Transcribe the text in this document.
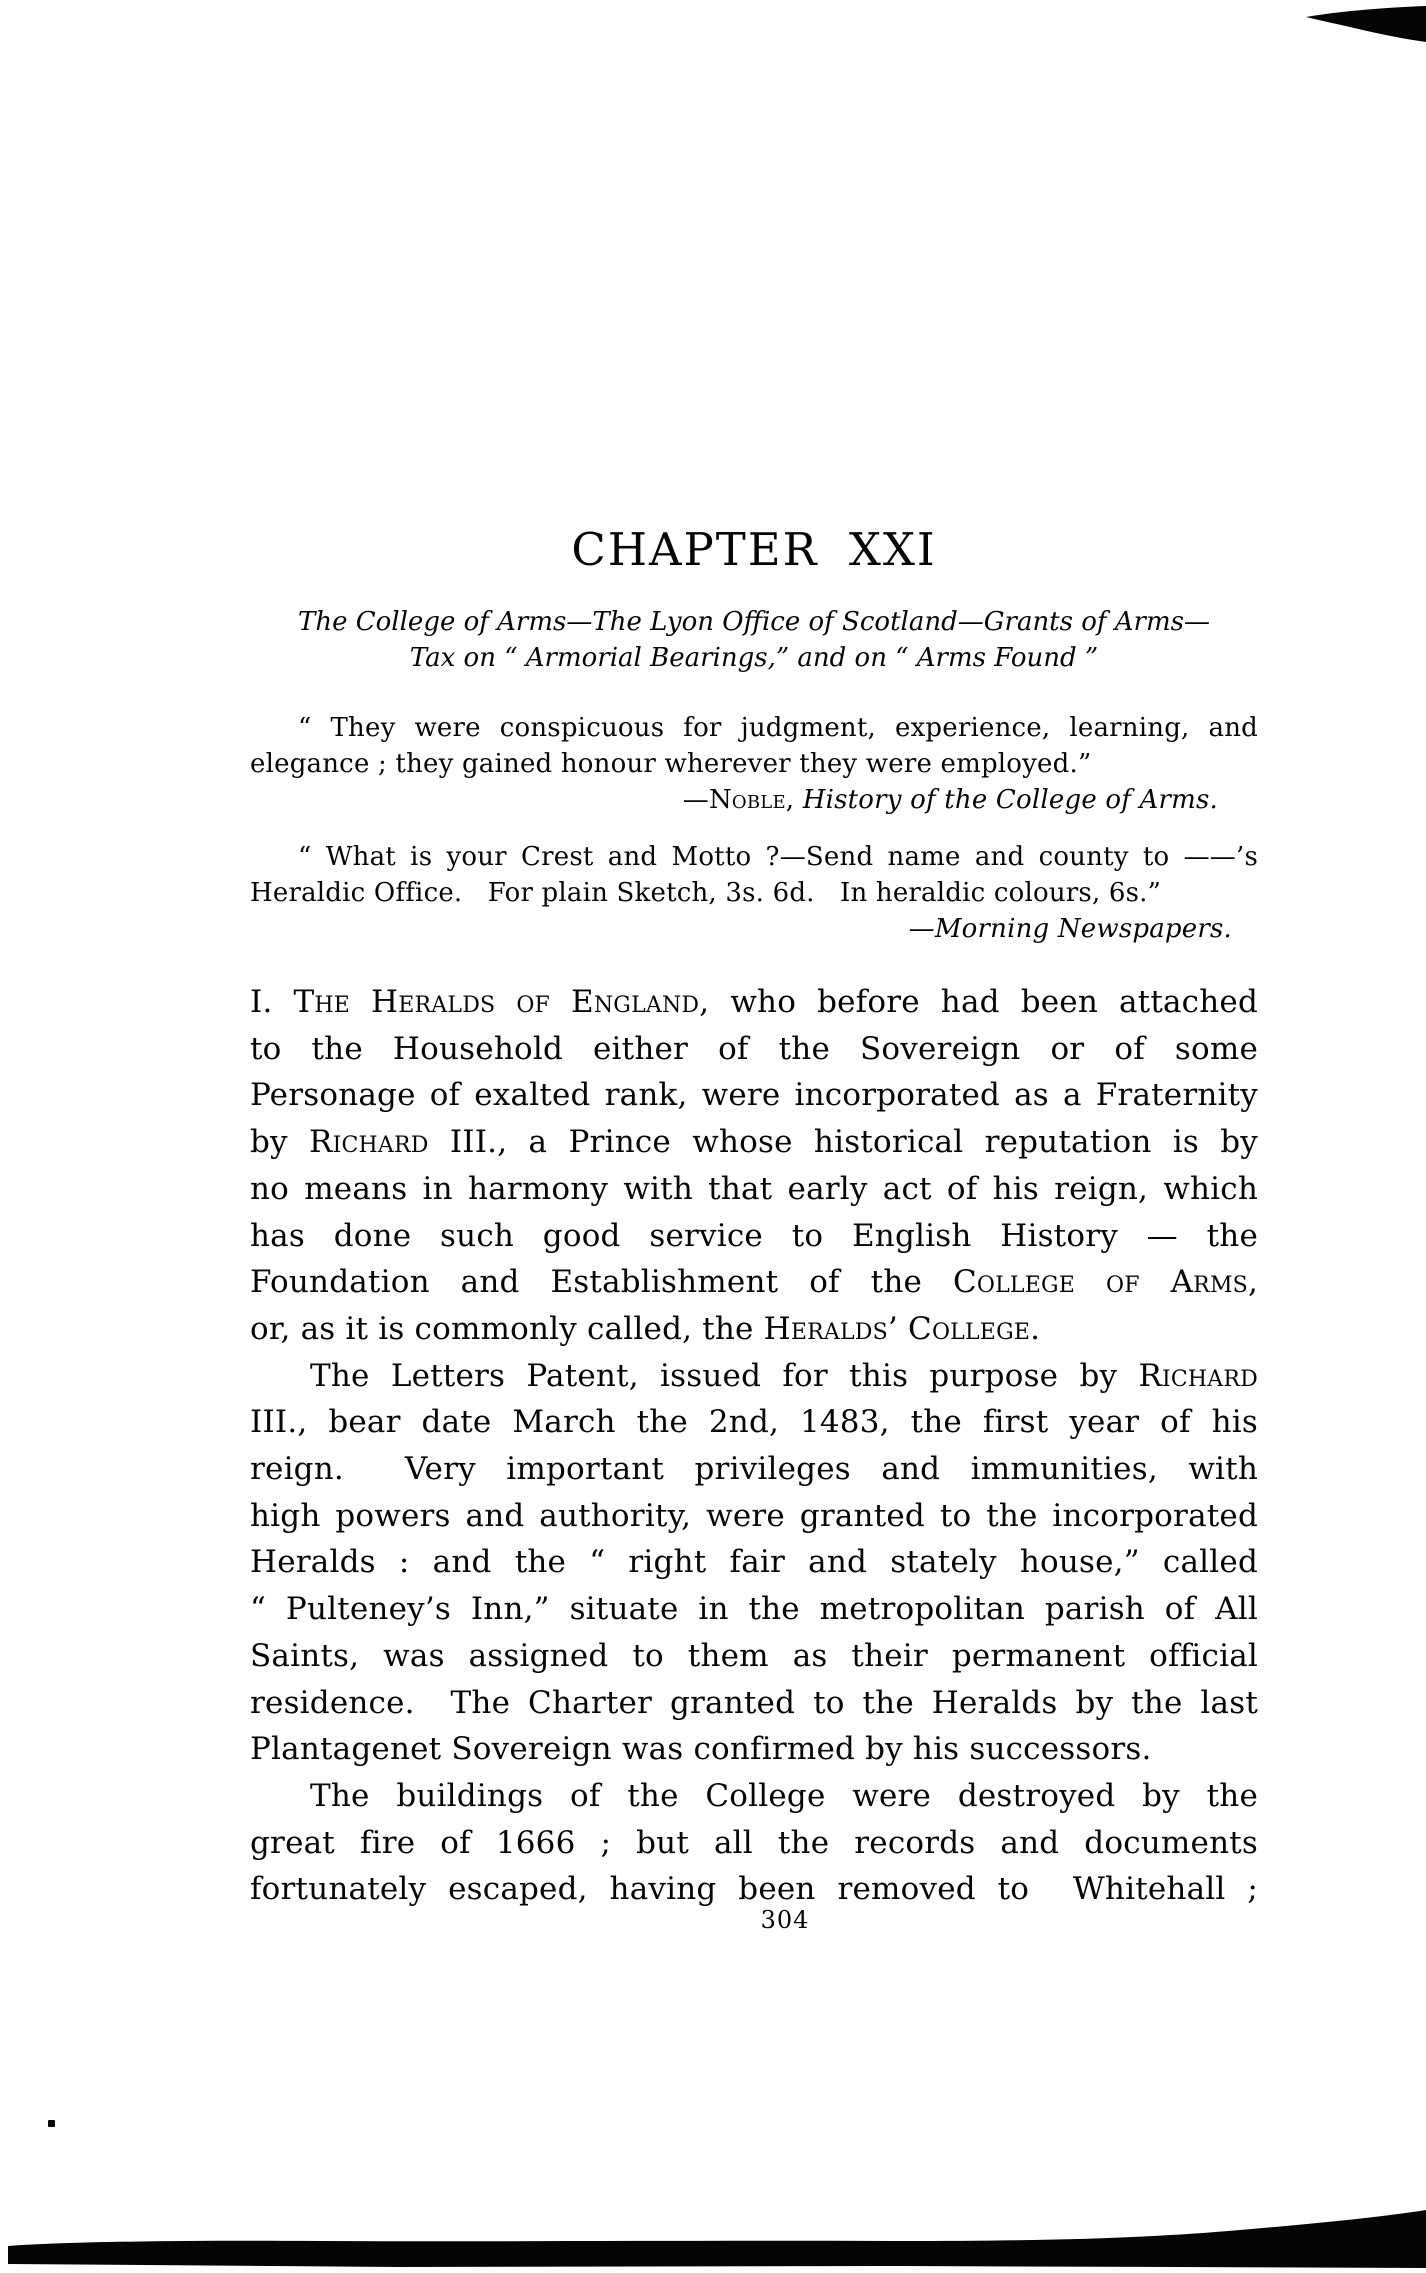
CHAPTER XXI
The College of Arms—The Lyon Office of Scotland—Grants of Arms—
Tax on “ Armorial Bearings,” and on “ Arms Found ”
“ They were conspicuous for judgment, experience, learning, and
elegance ; they gained honour wherever they were employed.”
—Noble, History of the College of Arms.
“ What is your Crest and Motto ?—Send name and county to ——’s
Heraldic Office.   For plain Sketch, 3s. 6d.   In heraldic colours, 6s.”
—Morning Newspapers.
I. The Heralds of England, who before had been attached
to the Household either of the Sovereign or of some
Personage of exalted rank, were incorporated as a Fraternity
by Richard III., a Prince whose historical reputation is by
no means in harmony with that early act of his reign, which
has done such good service to English History — the
Foundation and Establishment of the College of Arms,
or, as it is commonly called, the Heralds’ College.
The Letters Patent, issued for this purpose by Richard
III., bear date March the 2nd, 1483, the first year of his
reign.  Very important privileges and immunities, with
high powers and authority, were granted to the incorporated
Heralds : and the “ right fair and stately house,” called
“ Pulteney’s Inn,” situate in the metropolitan parish of All
Saints, was assigned to them as their permanent official
residence.  The Charter granted to the Heralds by the last
Plantagenet Sovereign was confirmed by his successors.
The buildings of the College were destroyed by the
great fire of 1666 ; but all the records and documents
fortunately escaped, having been removed to  Whitehall ;
304
